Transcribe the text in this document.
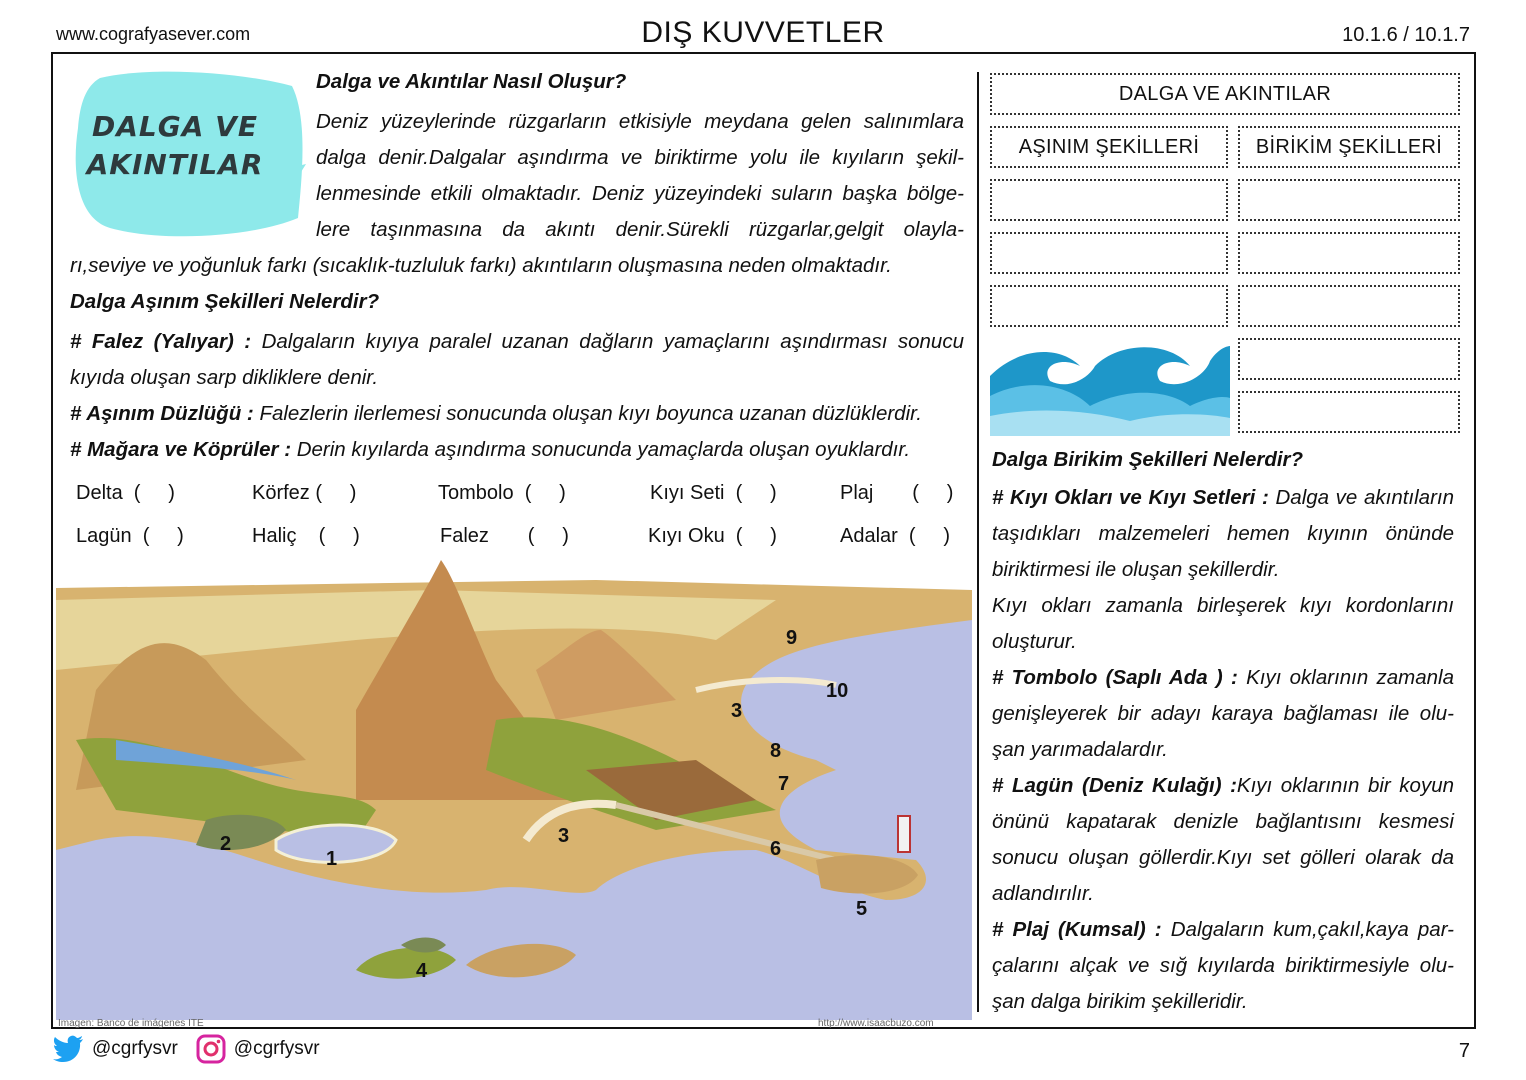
www.cografyasever.com	DIŞ KUVVETLER	10.1.6 / 10.1.7
DALGA VE
AKINTILAR
Dalga ve Akıntılar Nasıl Oluşur?
Deniz yüzeylerinde rüzgarların etkisiyle meydana gelen salınımlara
dalga denir.Dalgalar aşındırma ve biriktirme yolu ile kıyıların şekil-
lenmesinde etkili olmaktadır. Deniz yüzeyindeki suların başka bölge-
lere taşınmasına da akıntı denir.Sürekli rüzgarlar,gelgit olayla-
rı,seviye ve yoğunluk farkı (sıcaklık-tuzluluk farkı) akıntıların oluşmasına neden olmaktadır.
Dalga Aşınım Şekilleri Nelerdir?
# Falez (Yalıyar) : Dalgaların kıyıya paralel uzanan dağların yamaçlarını aşındırması sonucu
kıyıda oluşan sarp dikliklere denir.
# Aşınım Düzlüğü : Falezlerin ilerlemesi sonucunda oluşan kıyı boyunca uzanan düzlüklerdir.
# Mağara ve Köprüler : Derin kıyılarda aşındırma sonucunda yamaçlarda oluşan oyuklardır.
Delta  (     )	Körfez (     )	Tombolo  (     )	Kıyı Seti  (     )	Plaj       (     )
Lagün  (     )	Haliç    (     )	Falez       (     )	Kıyı Oku  (     )	Adalar  (     )
1
2	3
3
4
5
6
7
8
9
10
Imagen: Banco de imágenes ITE	http://www.isaacbuzo.com
DALGA VE AKINTILAR
AŞINIM ŞEKİLLERİ	BİRİKİM ŞEKİLLERİ
Dalga Birikim Şekilleri Nelerdir?
# Kıyı Okları ve Kıyı Setleri : Dalga ve akıntıların
taşıdıkları malzemeleri hemen kıyının önünde
biriktirmesi ile oluşan şekillerdir.
Kıyı okları zamanla birleşerek kıyı kordonlarını
oluşturur.
# Tombolo (Saplı Ada ) : Kıyı oklarının zamanla
genişleyerek bir adayı karaya bağlaması ile olu-
şan yarımadalardır.
# Lagün (Deniz Kulağı) :Kıyı oklarının bir koyun
önünü kapatarak denizle bağlantısını kesmesi
sonucu oluşan göllerdir.Kıyı set gölleri olarak da
adlandırılır.
# Plaj (Kumsal) : Dalgaların kum,çakıl,kaya par-
çalarını alçak ve sığ kıyılarda biriktirmesiyle olu-
şan dalga birikim şekilleridir.
@cgrfysvr	@cgrfysvr	7
